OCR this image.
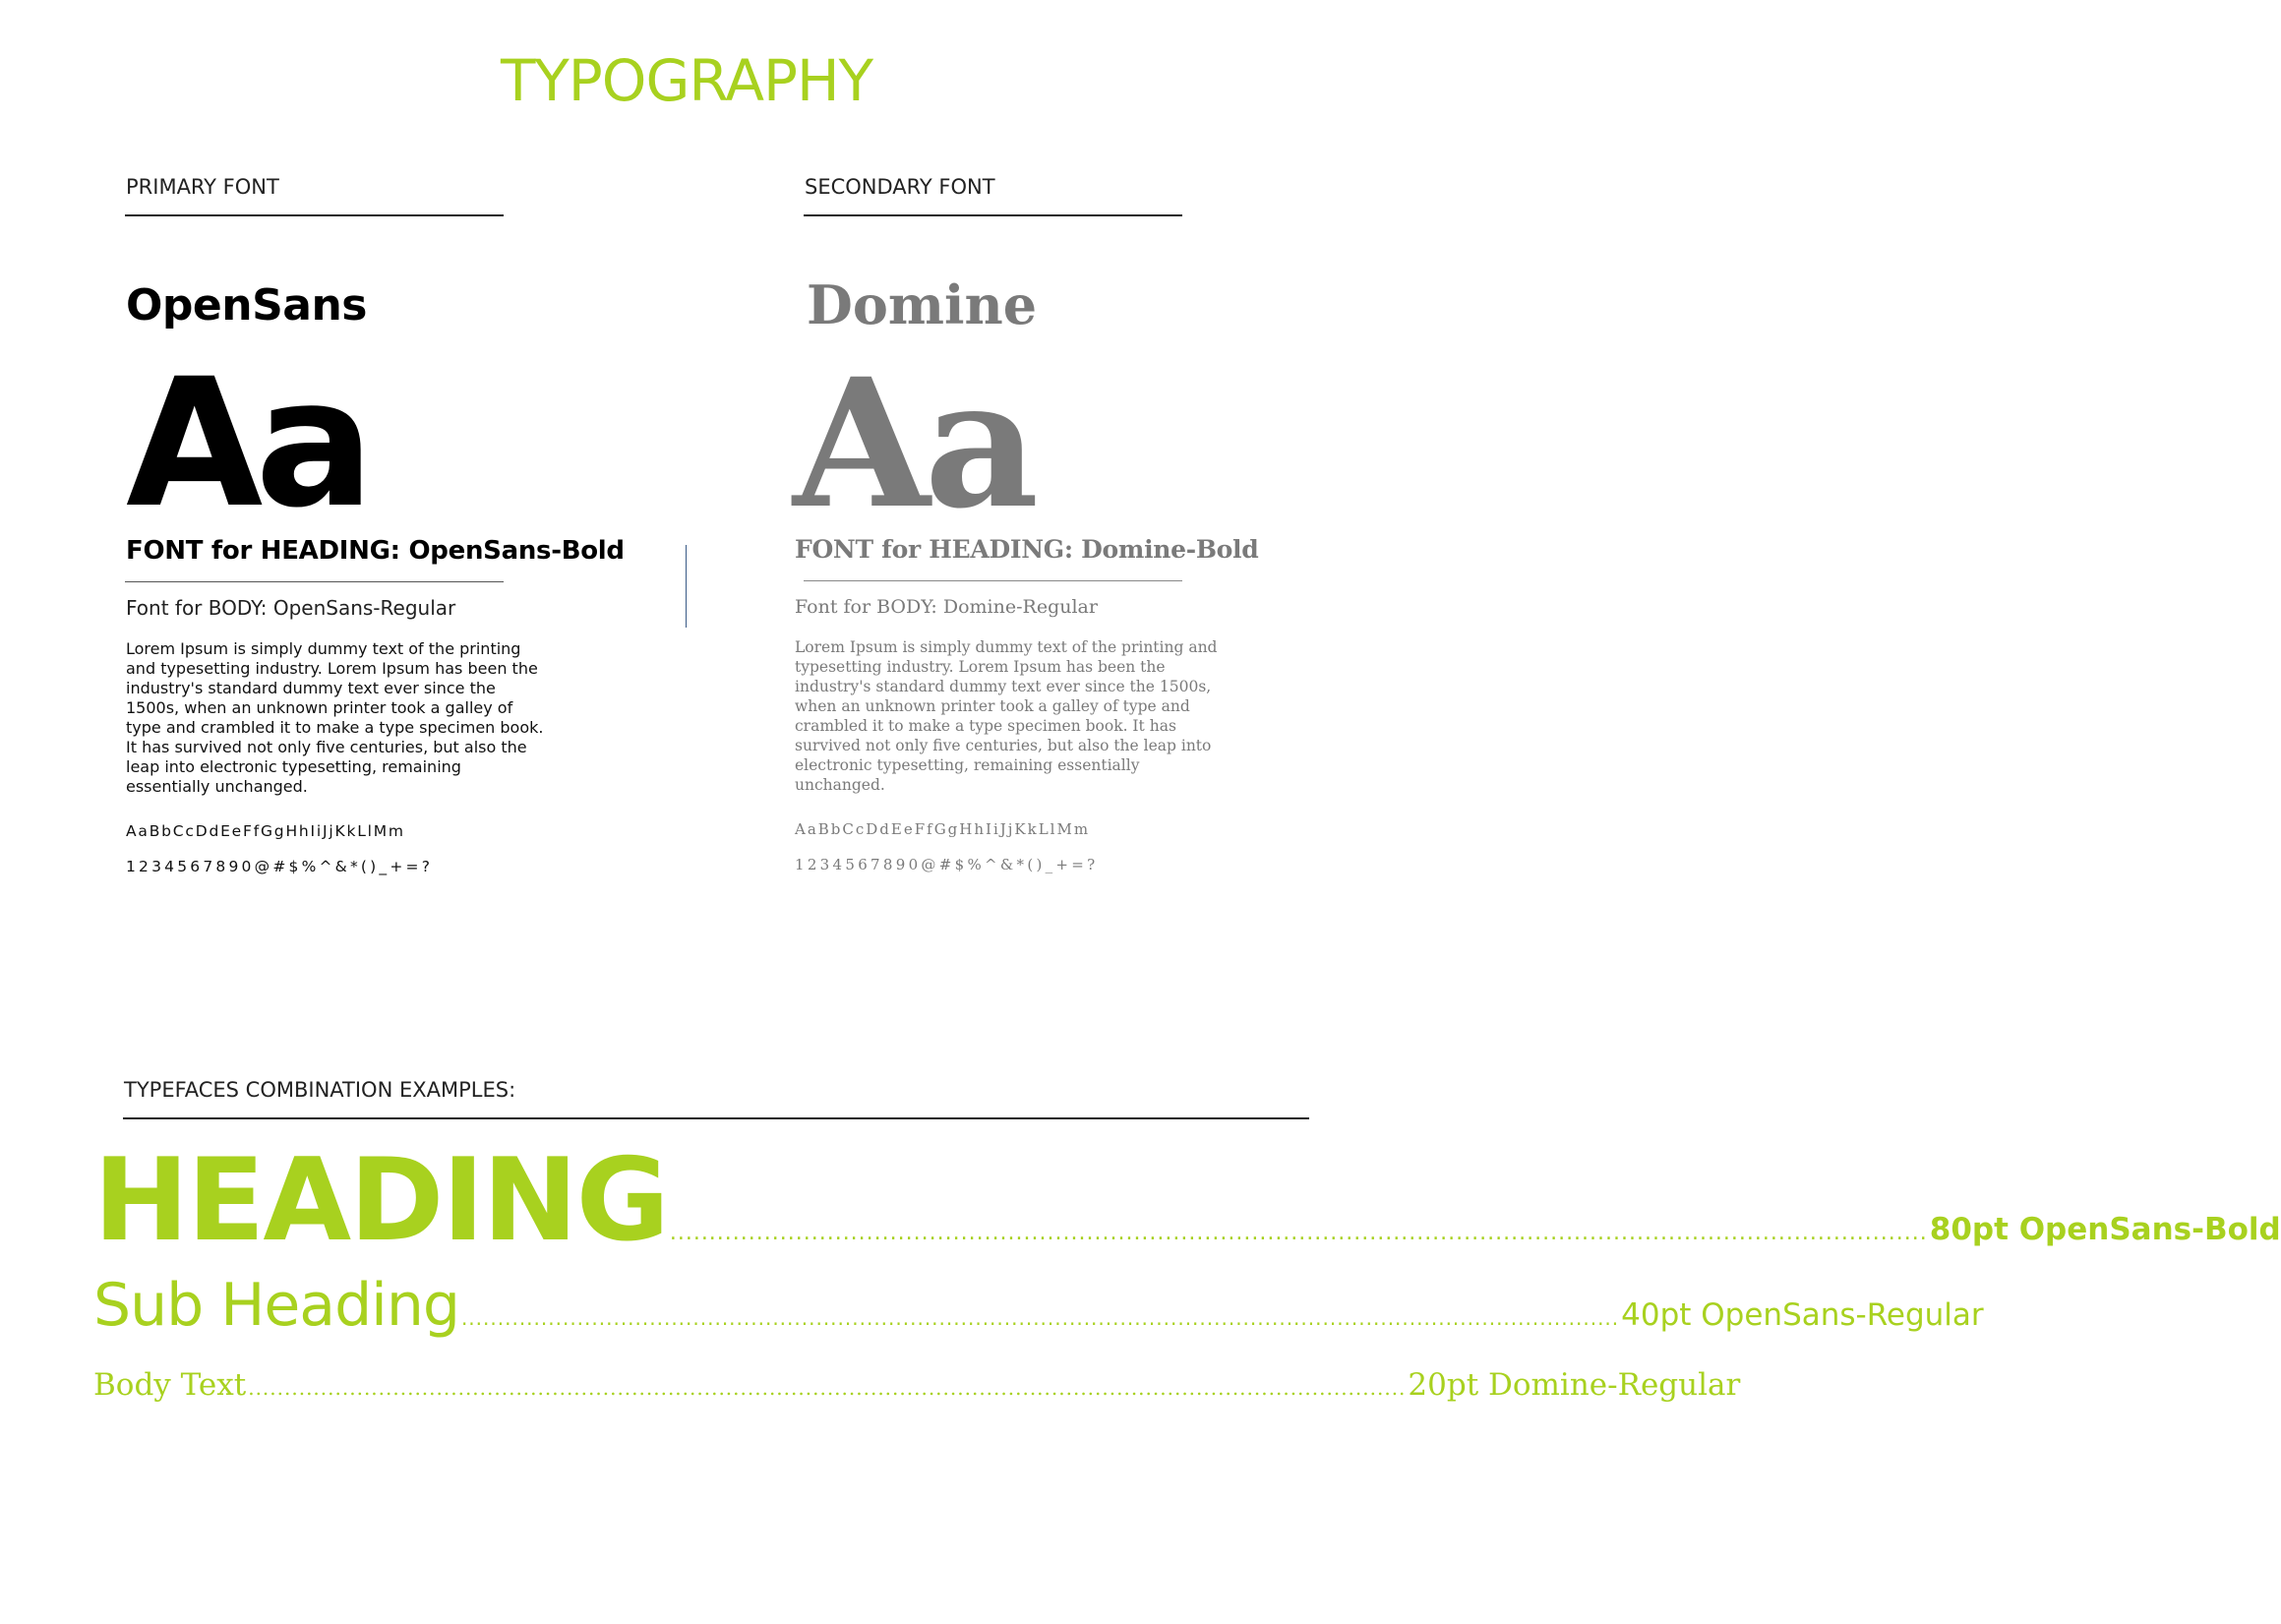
TYPOGRAPHY
PRIMARY FONT
OpenSans
Aa
FONT for HEADING: OpenSans-Bold
Font for BODY: OpenSans-Regular
Lorem Ipsum is simply dummy text of the printing and typesetting industry. Lorem Ipsum has been the industry's standard dummy text ever since the 1500s, when an unknown printer took a galley of type and crambled it to make a type specimen book. It has survived not only five centuries, but also the leap into electronic typesetting, remaining essentially unchanged.
AaBbCcDdEeFfGgHhIiJjKkLlMm
1234567890@#$%^&*()_+=?
SECONDARY FONT
Domine
Aa
FONT for HEADING: Domine-Bold
Font for BODY: Domine-Regular
Lorem Ipsum is simply dummy text of the printing and typesetting industry. Lorem Ipsum has been the industry's standard dummy text ever since the 1500s, when an unknown printer took a galley of type and crambled it to make a type specimen book. It has survived not only five centuries, but also the leap into electronic typesetting, remaining essentially unchanged.
AaBbCcDdEeFfGgHhIiJjKkLlMm
1234567890@#$%^&*()_+=?
TYPEFACES COMBINATION EXAMPLES:
HEADING ................................................................................................................................................................ 80pt OpenSans-Bold
Sub Heading ................................................................................................................................................................ 40pt OpenSans-Regular
Body Text ................................................................................................................................................................ 20pt Domine-Regular
